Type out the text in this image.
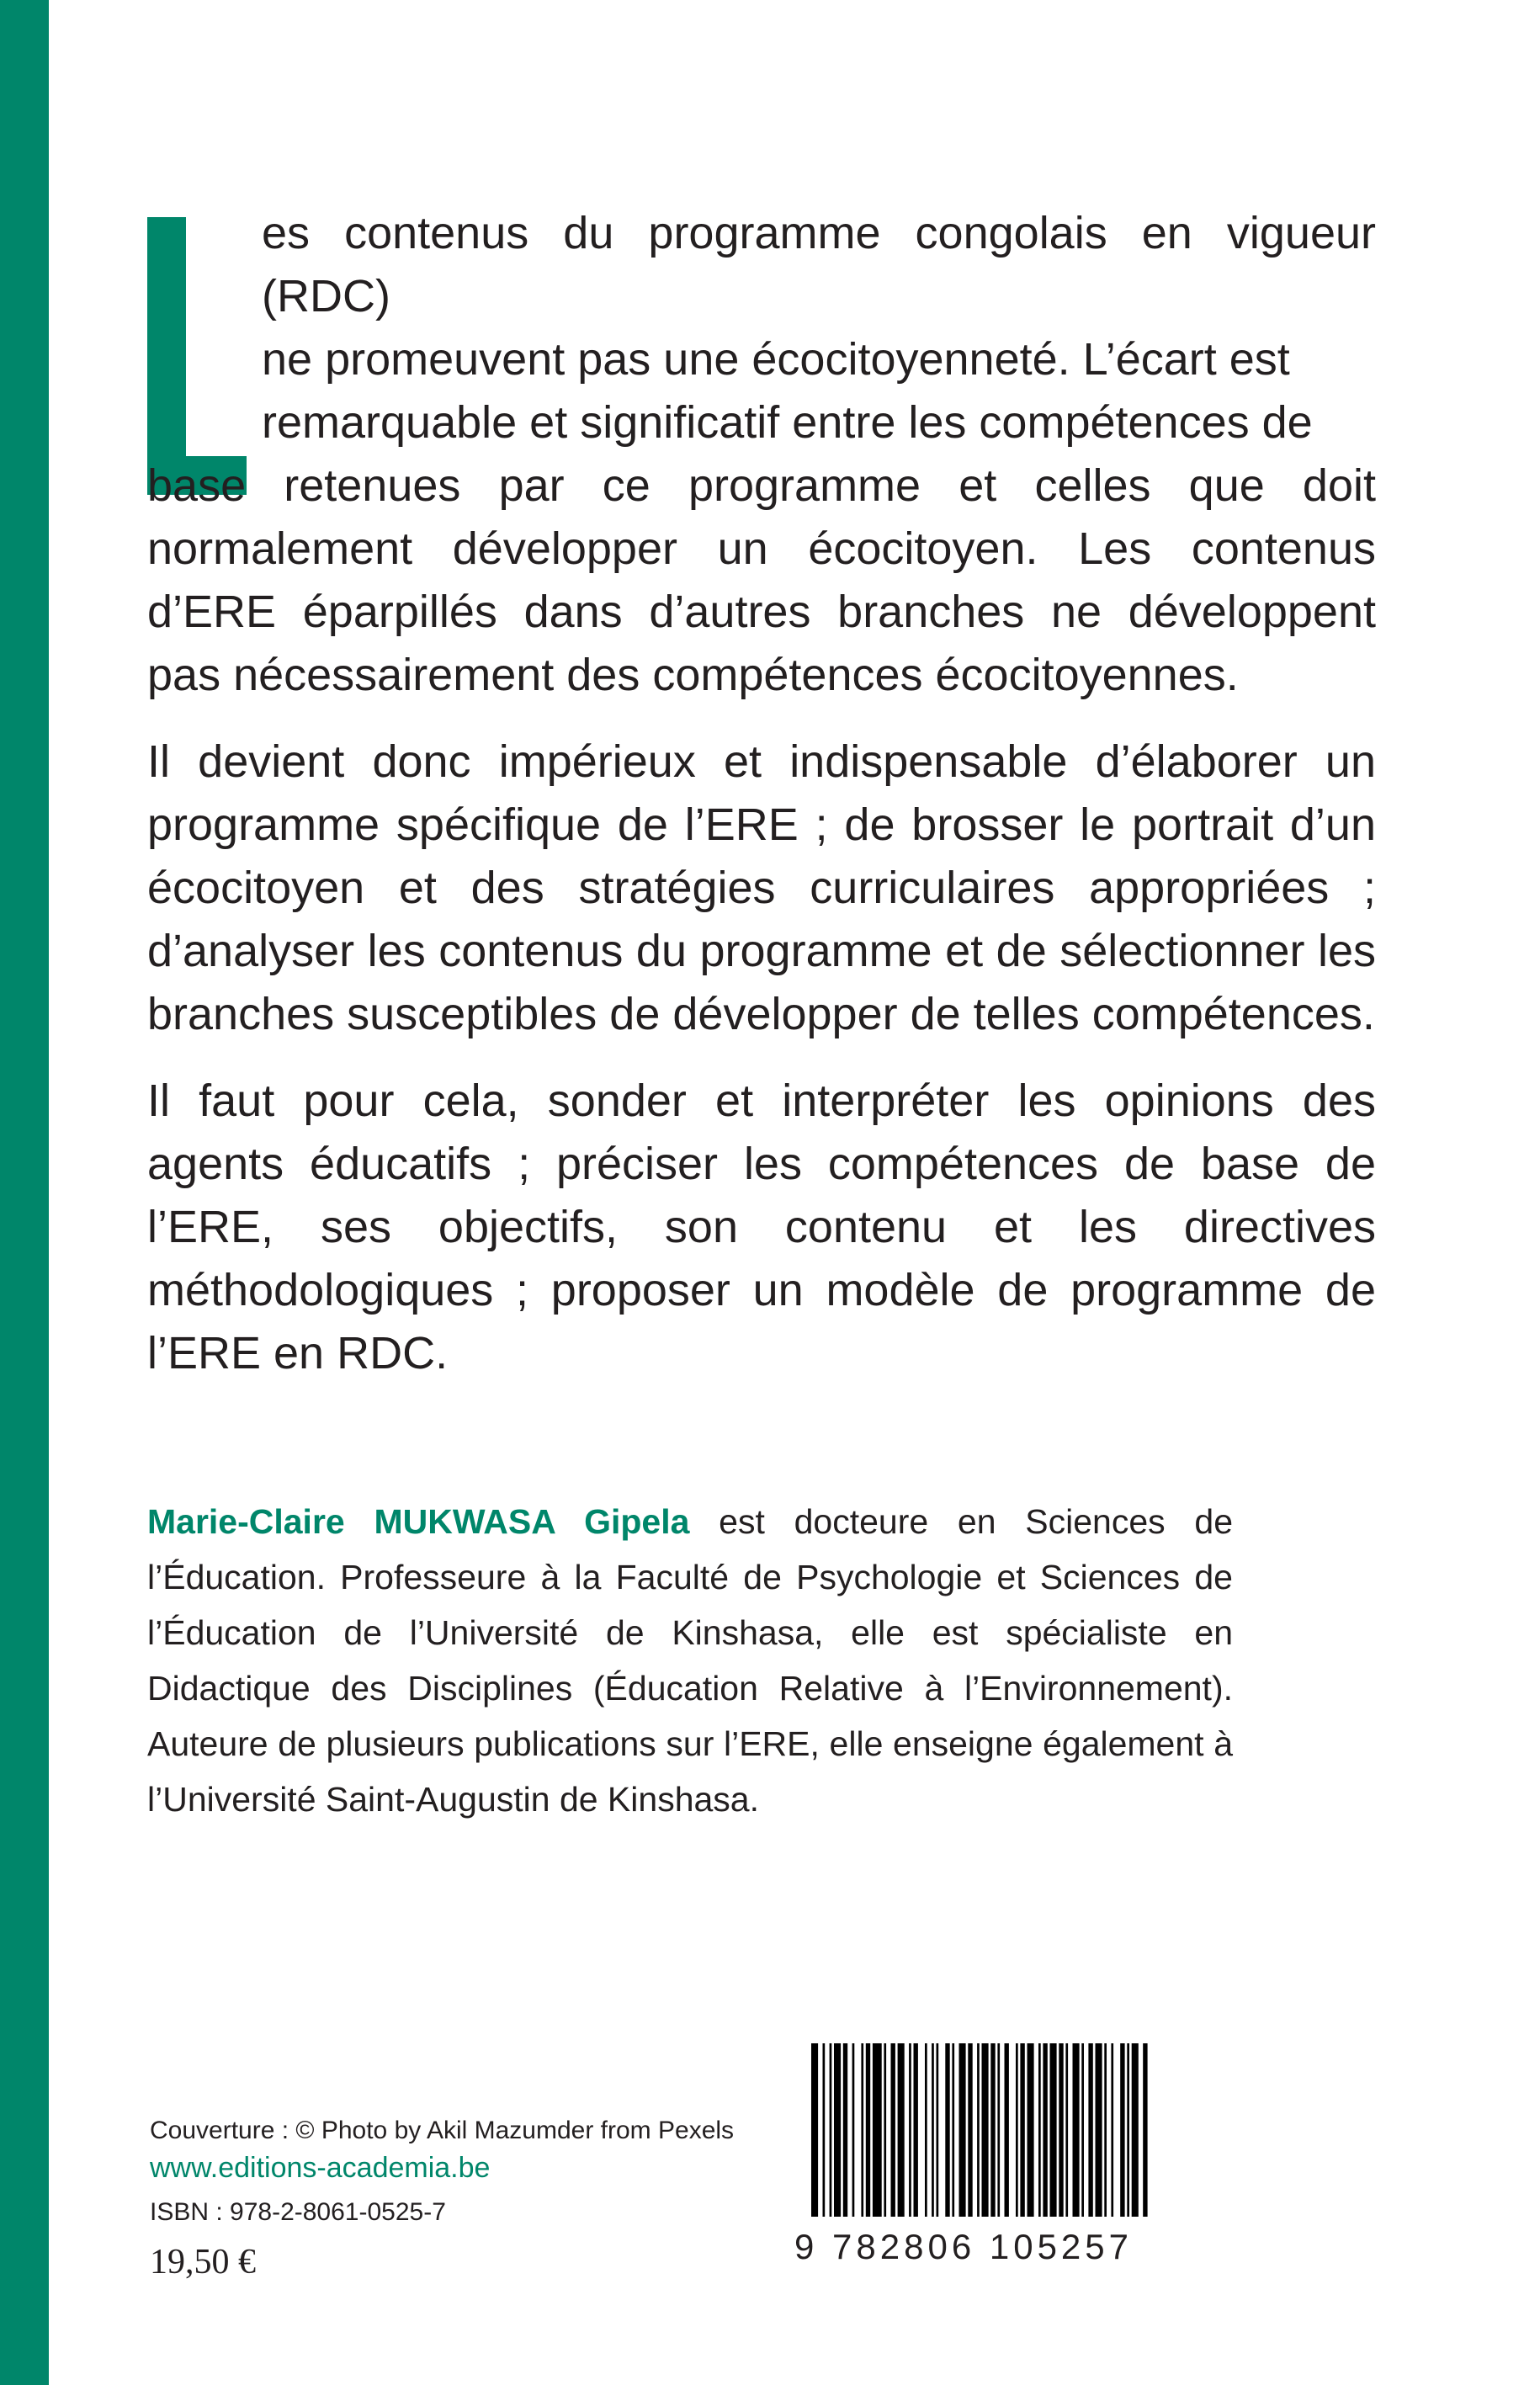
es contenus du programme congolais en vigueur (RDC)
ne promeuvent pas une écocitoyenneté. L’écart est
remarquable et significatif entre les compétences de
base retenues par ce programme et celles que doit normalement développer un écocitoyen. Les contenus d’ERE éparpillés dans d’autres branches ne développent pas nécessairement des compétences écocitoyennes.

Il devient donc impérieux et indispensable d’élaborer un programme spécifique de l’ERE ; de brosser le portrait d’un écocitoyen et des stratégies curriculaires appropriées ; d’analyser les contenus du programme et de sélectionner les branches susceptibles de développer de telles compétences.

Il faut pour cela, sonder et interpréter les opinions des agents éducatifs ; préciser les compétences de base de l’ERE, ses objectifs, son contenu et les directives méthodologiques ; proposer un modèle de programme de l’ERE en RDC.

Marie-Claire MUKWASA Gipela est docteure en Sciences de l’Éducation. Professeure à la Faculté de Psychologie et Sciences de l’Éducation de l’Université de Kinshasa, elle est spécialiste en Didactique des Disciplines (Éducation Relative à l’Environnement). Auteure de plusieurs publications sur l’ERE, elle enseigne également à l’Université Saint-Augustin de Kinshasa.
Couverture : © Photo by Akil Mazumder from Pexels
www.editions-academia.be
ISBN : 978-2-8061-0525-7
19,50 €	9 782806 105257
